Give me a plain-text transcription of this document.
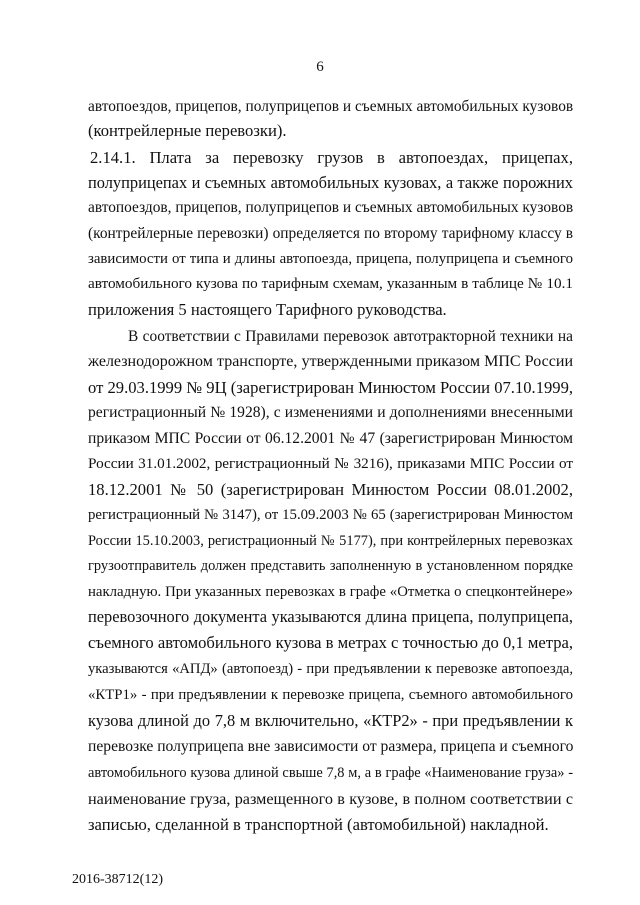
6
автопоездов, прицепов, полуприцепов и съемных автомобильных кузовов
(контрейлерные перевозки).
2.14.1. Плата за перевозку грузов в автопоездах, прицепах,
полуприцепах и съемных автомобильных кузовах, а также порожних
автопоездов, прицепов, полуприцепов и съемных автомобильных кузовов
(контрейлерные перевозки) определяется по второму тарифному классу в
зависимости от типа и длины автопоезда, прицепа, полуприцепа и съемного
автомобильного кузова по тарифным схемам, указанным в таблице № 10.1
приложения 5 настоящего Тарифного руководства.
В соответствии с Правилами перевозок автотракторной техники на
железнодорожном транспорте, утвержденными приказом МПС России
от 29.03.1999 № 9Ц (зарегистрирован Минюстом России 07.10.1999,
регистрационный № 1928), с изменениями и дополнениями внесенными
приказом МПС России от 06.12.2001 № 47 (зарегистрирован Минюстом
России 31.01.2002, регистрационный № 3216), приказами МПС России от
18.12.2001 № 50 (зарегистрирован Минюстом России 08.01.2002,
регистрационный № 3147), от 15.09.2003 № 65 (зарегистрирован Минюстом
России 15.10.2003, регистрационный № 5177), при контрейлерных перевозках
грузоотправитель должен представить заполненную в установленном порядке
накладную. При указанных перевозках в графе «Отметка о спецконтейнере»
перевозочного документа указываются длина прицепа, полуприцепа,
съемного автомобильного кузова в метрах с точностью до 0,1 метра,
указываются «АПД» (автопоезд) - при предъявлении к перевозке автопоезда,
«КТР1» - при предъявлении к перевозке прицепа, съемного автомобильного
кузова длиной до 7,8 м включительно, «КТР2» - при предъявлении к
перевозке полуприцепа вне зависимости от размера, прицепа и съемного
автомобильного кузова длиной свыше 7,8 м, а в графе «Наименование груза» -
наименование груза, размещенного в кузове, в полном соответствии с
записью, сделанной в транспортной (автомобильной) накладной.
2016-38712(12)
